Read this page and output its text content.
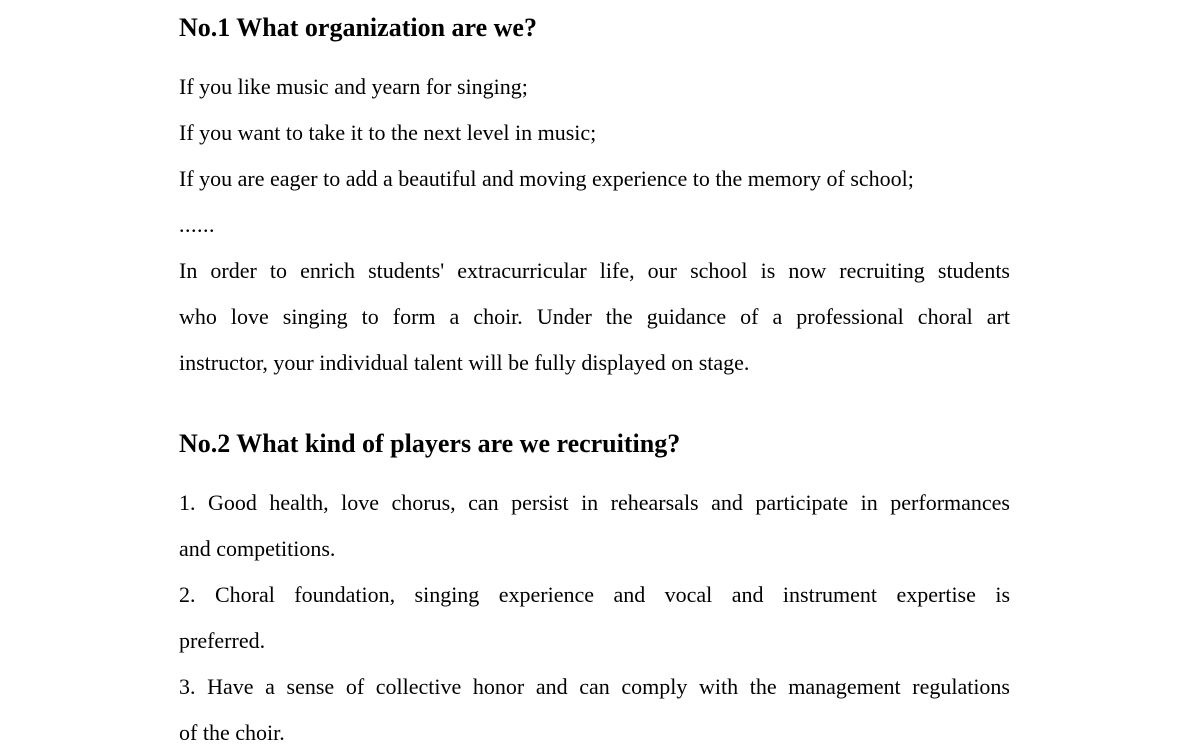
No.1 What organization are we?
If you like music and yearn for singing;
If you want to take it to the next level in music;
If you are eager to add a beautiful and moving experience to the memory of school;
......
In order to enrich students' extracurricular life, our school is now recruiting students
who love singing to form a choir. Under the guidance of a professional choral art
instructor, your individual talent will be fully displayed on stage.
No.2 What kind of players are we recruiting?
1. Good health, love chorus, can persist in rehearsals and participate in performances
and competitions.
2. Choral foundation, singing experience and vocal and instrument expertise is
preferred.
3. Have a sense of collective honor and can comply with the management regulations
of the choir.
